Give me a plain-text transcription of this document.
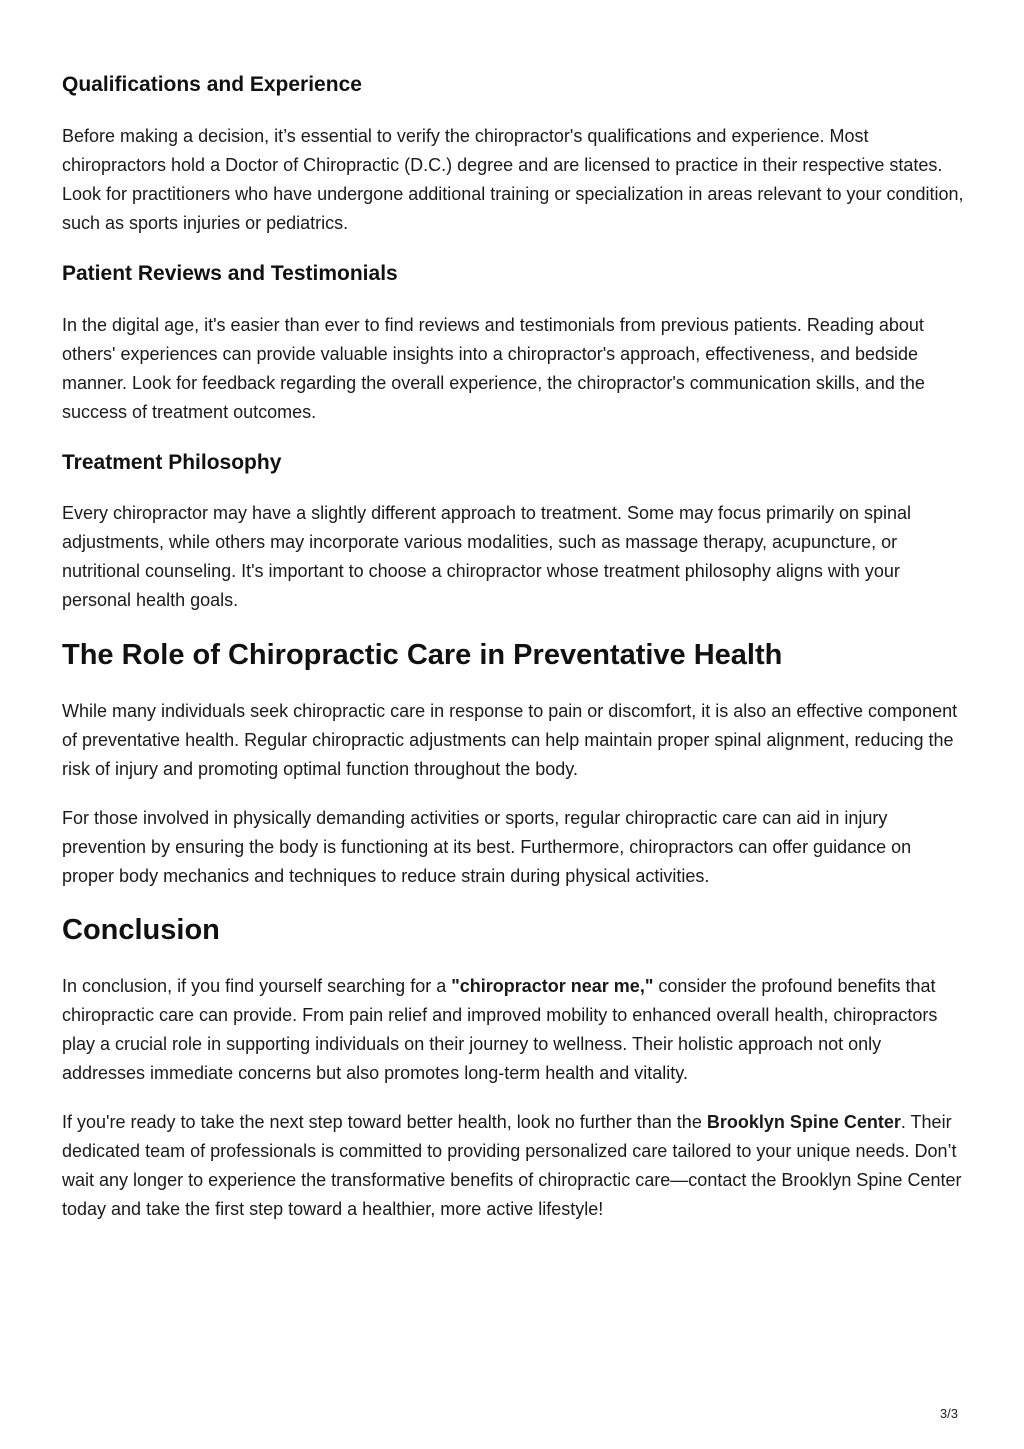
Qualifications and Experience

Before making a decision, it’s essential to verify the chiropractor's qualifications and experience. Most chiropractors hold a Doctor of Chiropractic (D.C.) degree and are licensed to practice in their respective states. Look for practitioners who have undergone additional training or specialization in areas relevant to your condition, such as sports injuries or pediatrics.

Patient Reviews and Testimonials

In the digital age, it's easier than ever to find reviews and testimonials from previous patients. Reading about others' experiences can provide valuable insights into a chiropractor's approach, effectiveness, and bedside manner. Look for feedback regarding the overall experience, the chiropractor's communication skills, and the success of treatment outcomes.

Treatment Philosophy

Every chiropractor may have a slightly different approach to treatment. Some may focus primarily on spinal adjustments, while others may incorporate various modalities, such as massage therapy, acupuncture, or nutritional counseling. It's important to choose a chiropractor whose treatment philosophy aligns with your personal health goals.

The Role of Chiropractic Care in Preventative Health

While many individuals seek chiropractic care in response to pain or discomfort, it is also an effective component of preventative health. Regular chiropractic adjustments can help maintain proper spinal alignment, reducing the risk of injury and promoting optimal function throughout the body.

For those involved in physically demanding activities or sports, regular chiropractic care can aid in injury prevention by ensuring the body is functioning at its best. Furthermore, chiropractors can offer guidance on proper body mechanics and techniques to reduce strain during physical activities.

Conclusion

In conclusion, if you find yourself searching for a "chiropractor near me," consider the profound benefits that chiropractic care can provide. From pain relief and improved mobility to enhanced overall health, chiropractors play a crucial role in supporting individuals on their journey to wellness. Their holistic approach not only addresses immediate concerns but also promotes long-term health and vitality.

If you're ready to take the next step toward better health, look no further than the Brooklyn Spine Center. Their dedicated team of professionals is committed to providing personalized care tailored to your unique needs. Don’t wait any longer to experience the transformative benefits of chiropractic care—contact the Brooklyn Spine Center today and take the first step toward a healthier, more active lifestyle!

3/3
